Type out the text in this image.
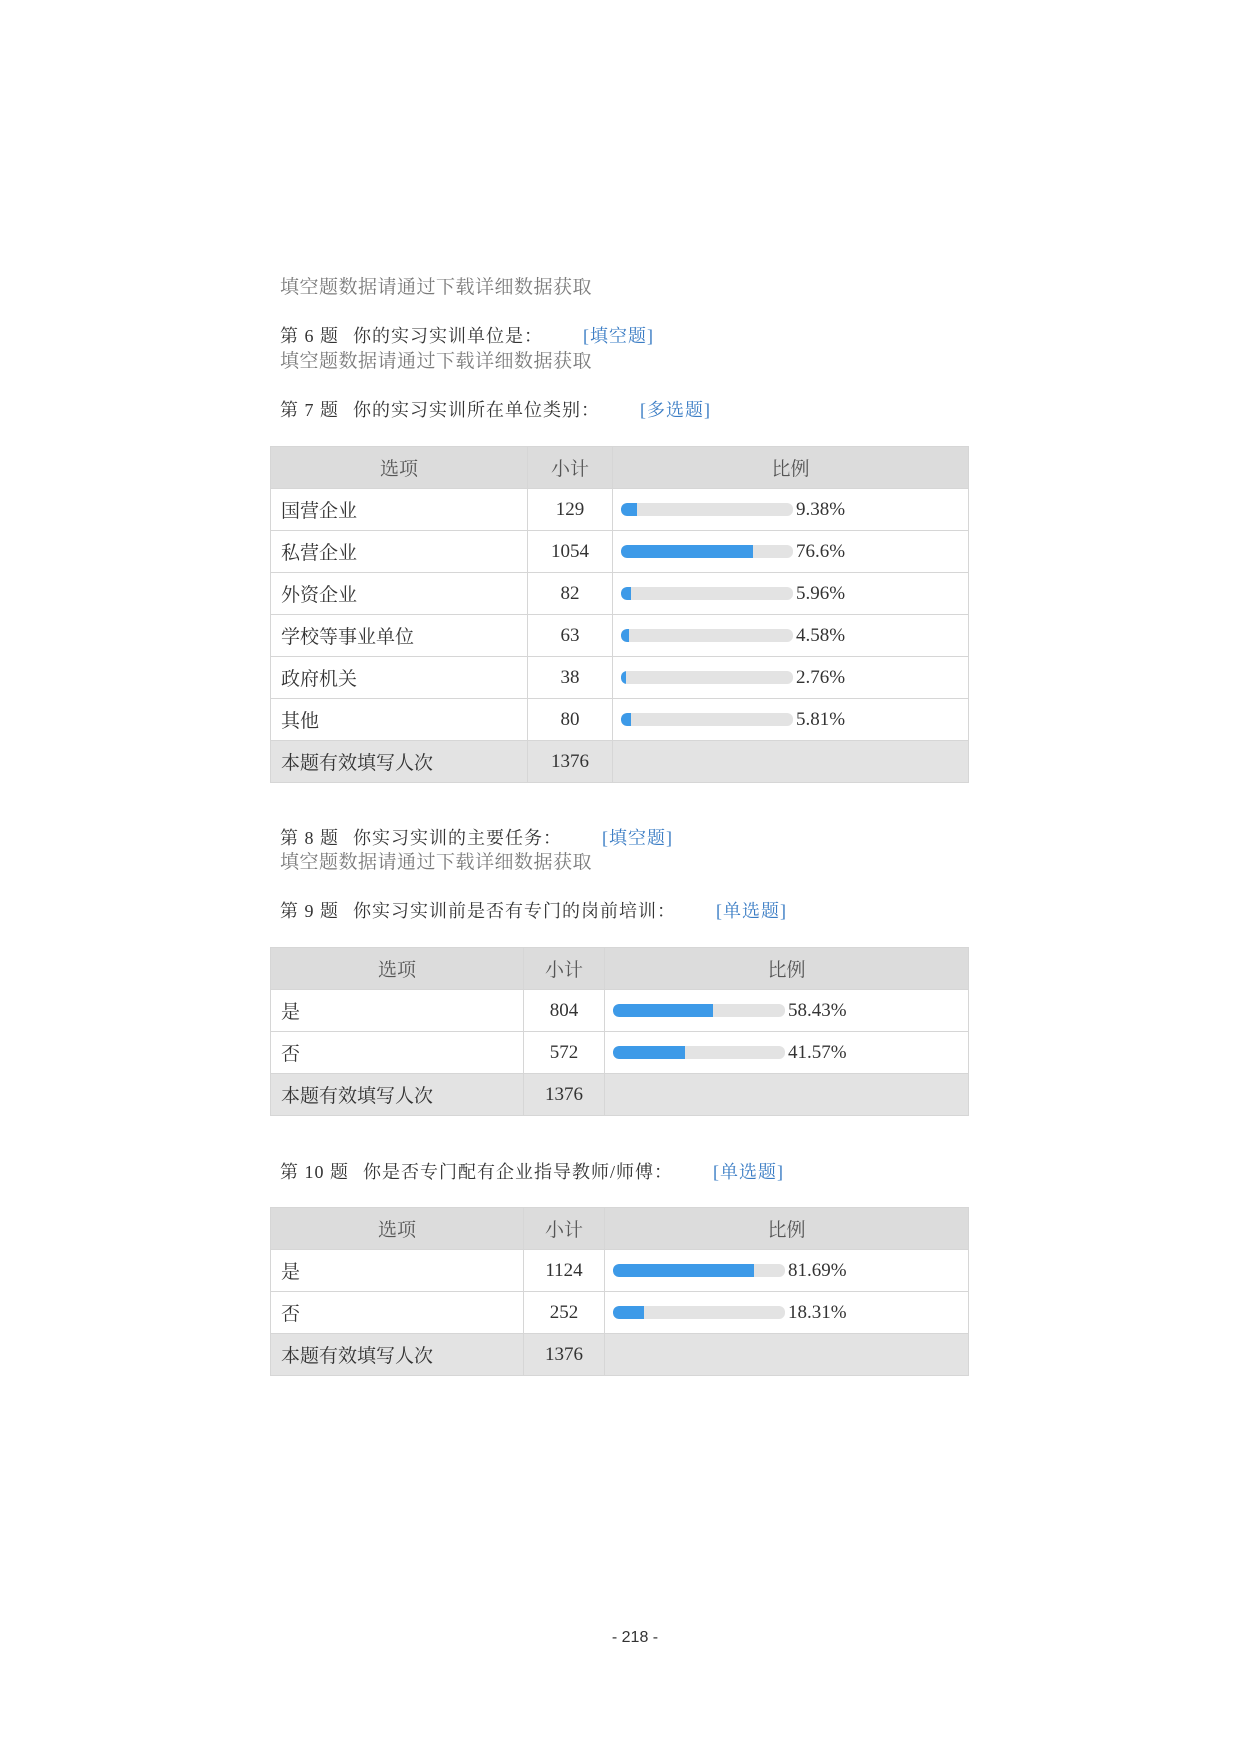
填空题数据请通过下载详细数据获取
第 6 题 你的实习实训单位是： [填空题]
填空题数据请通过下载详细数据获取
第 7 题 你的实习实训所在单位类别： [多选题]
选项	小计	比例
国营企业	129	9.38%
私营企业	1054	76.6%
外资企业	82	5.96%
学校等事业单位	63	4.58%
政府机关	38	2.76%
其他	80	5.81%
本题有效填写人次	1376	
第 8 题 你实习实训的主要任务： [填空题]
填空题数据请通过下载详细数据获取
第 9 题 你实习实训前是否有专门的岗前培训： [单选题]
选项	小计	比例
是	804	58.43%
否	572	41.57%
本题有效填写人次	1376	
第 10 题 你是否专门配有企业指导教师/师傅： [单选题]
选项	小计	比例
是	1124	81.69%
否	252	18.31%
本题有效填写人次	1376	
- 218 -
